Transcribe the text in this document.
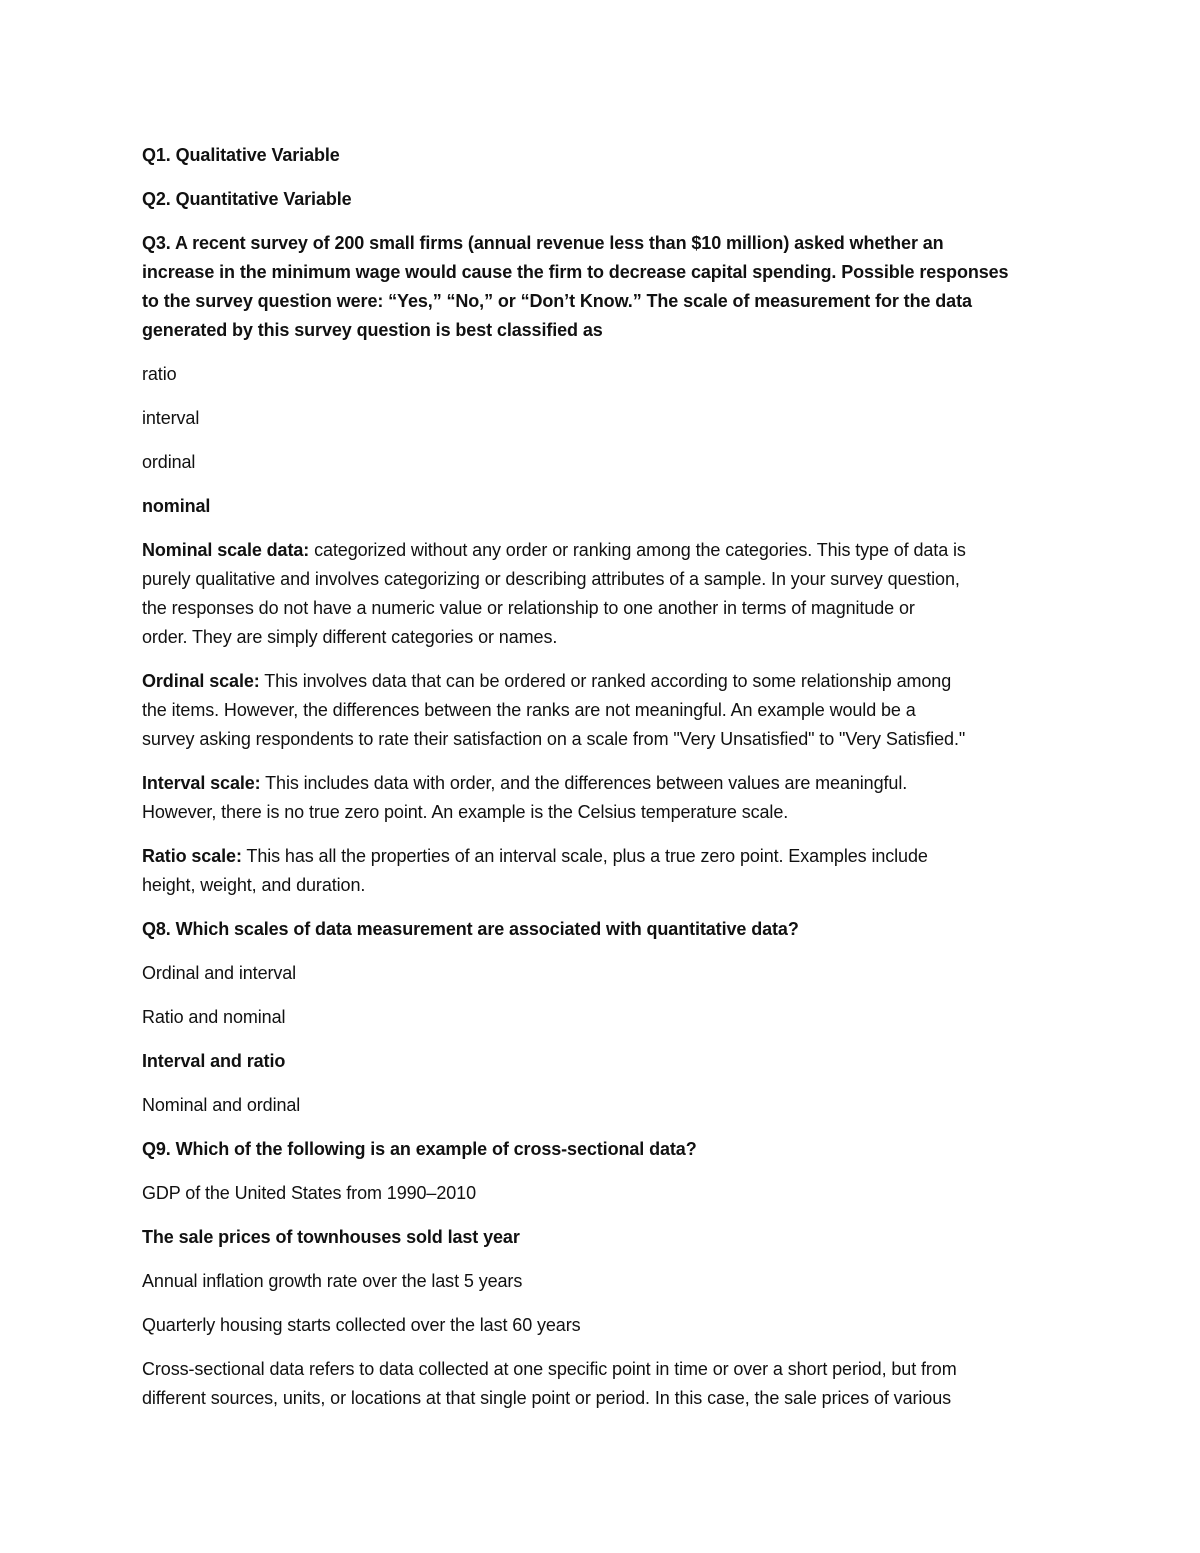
Q1. Qualitative Variable

Q2. Quantitative Variable

Q3. A recent survey of 200 small firms (annual revenue less than $10 million) asked whether an

increase in the minimum wage would cause the firm to decrease capital spending. Possible responses

to the survey question were: “Yes,” “No,” or “Don’t Know.” The scale of measurement for the data

generated by this survey question is best classified as

ratio

interval

ordinal

nominal

Nominal scale data: categorized without any order or ranking among the categories. This type of data is

purely qualitative and involves categorizing or describing attributes of a sample. In your survey question,

the responses do not have a numeric value or relationship to one another in terms of magnitude or

order. They are simply different categories or names.

Ordinal scale: This involves data that can be ordered or ranked according to some relationship among

the items. However, the differences between the ranks are not meaningful. An example would be a

survey asking respondents to rate their satisfaction on a scale from "Very Unsatisfied" to "Very Satisfied."

Interval scale: This includes data with order, and the differences between values are meaningful.

However, there is no true zero point. An example is the Celsius temperature scale.

Ratio scale: This has all the properties of an interval scale, plus a true zero point. Examples include

height, weight, and duration.

Q8. Which scales of data measurement are associated with quantitative data?

Ordinal and interval

Ratio and nominal

Interval and ratio

Nominal and ordinal

Q9. Which of the following is an example of cross-sectional data?

GDP of the United States from 1990–2010

The sale prices of townhouses sold last year

Annual inflation growth rate over the last 5 years

Quarterly housing starts collected over the last 60 years

Cross-sectional data refers to data collected at one specific point in time or over a short period, but from

different sources, units, or locations at that single point or period. In this case, the sale prices of various
